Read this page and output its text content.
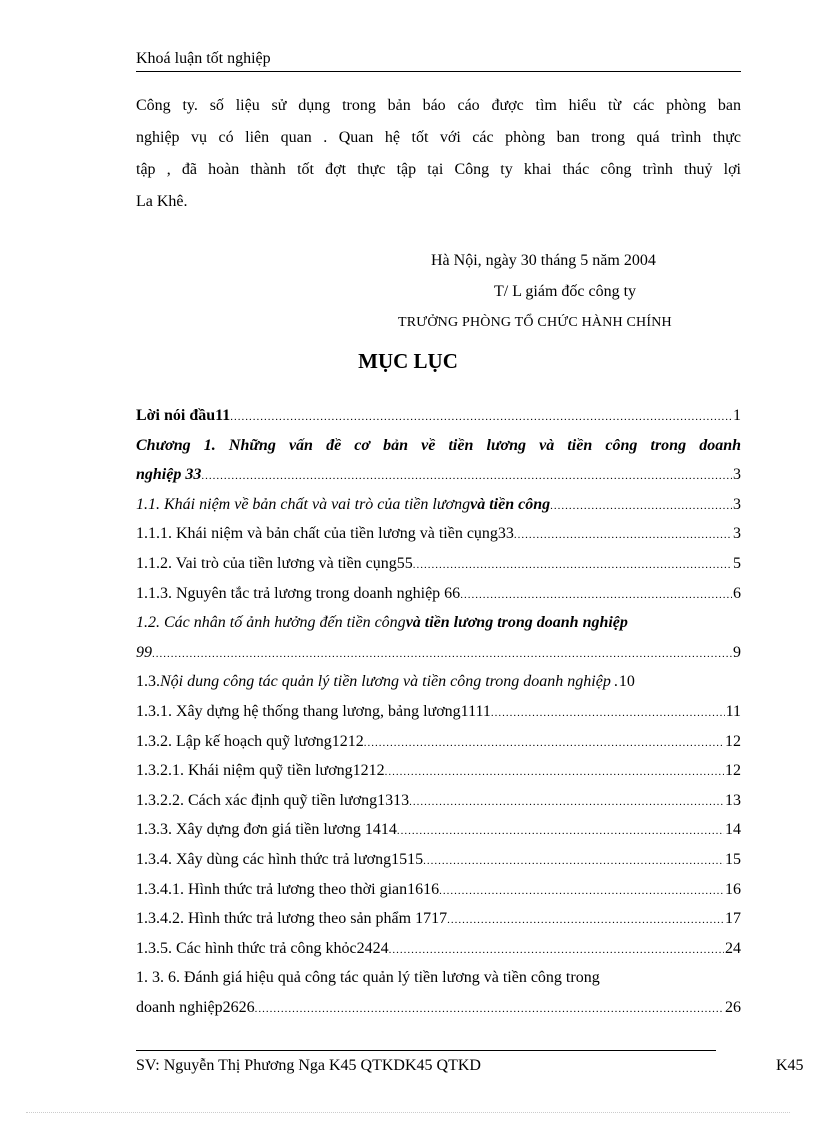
Khoá luận tốt nghiệp
Công ty. số liệu sử dụng trong bản báo cáo được tìm hiểu từ các phòng ban
nghiệp vụ có liên quan . Quan hệ tốt với các phòng ban trong quá trình thực
tập , đã hoàn thành tốt đợt thực tập tại Công ty khai thác công trình thuỷ lợi
La Khê.
Hà Nội, ngày 30 tháng 5 năm 2004
T/ L giám đốc công ty
TRƯỞNG PHÒNG TỔ CHỨC HÀNH CHÍNH
MỤC LỤC
Lời nói đầu11 .....	1
Chương 1. Những vấn đề cơ bản về tiền lương và tiền công trong doanh
nghiệp 33 .....	3
1.1. Khái niệm về bản chất và vai trò của tiền lương và tiền công .....	3
1.1.1. Khái niệm và bản chất của tiền lương và tiền cụng33 .....	3
1.1.2. Vai trò của tiền lương và tiền cụng55 .....	5
1.1.3. Nguyên tắc trả lương trong doanh nghiệp 66 .....	6
1.2. Các nhân tố ảnh hưởng đến tiền công và tiền lương trong doanh nghiệp
99 .....	9
1.3. Nội dung công tác quản lý tiền lương và tiền công trong doanh nghiệp . 10
1.3.1. Xây dựng hệ thống thang lương, bảng lương1111 .....	11
1.3.2. Lập kế hoạch quỹ lương1212 .....	12
1.3.2.1. Khái niệm quỹ tiền lương1212 .....	12
1.3.2.2. Cách xác định quỹ tiền lương1313 .....	13
1.3.3. Xây dựng đơn giá tiền lương 1414 .....	14
1.3.4. Xây dùng các hình thức trả lương1515 .....	15
1.3.4.1. Hình thức trả lương theo thời gian1616 .....	16
1.3.4.2. Hình thức trả lương theo sản phẩm 1717 .....	17
1.3.5. Các hình thức trả công khỏc2424 .....	24
1. 3. 6. Đánh giá hiệu quả công tác quản lý tiền lương và tiền công trong
doanh nghiệp2626 .....	26
SV: Nguyễn Thị Phương Nga K45 QTKDK45 QTKD	K45
